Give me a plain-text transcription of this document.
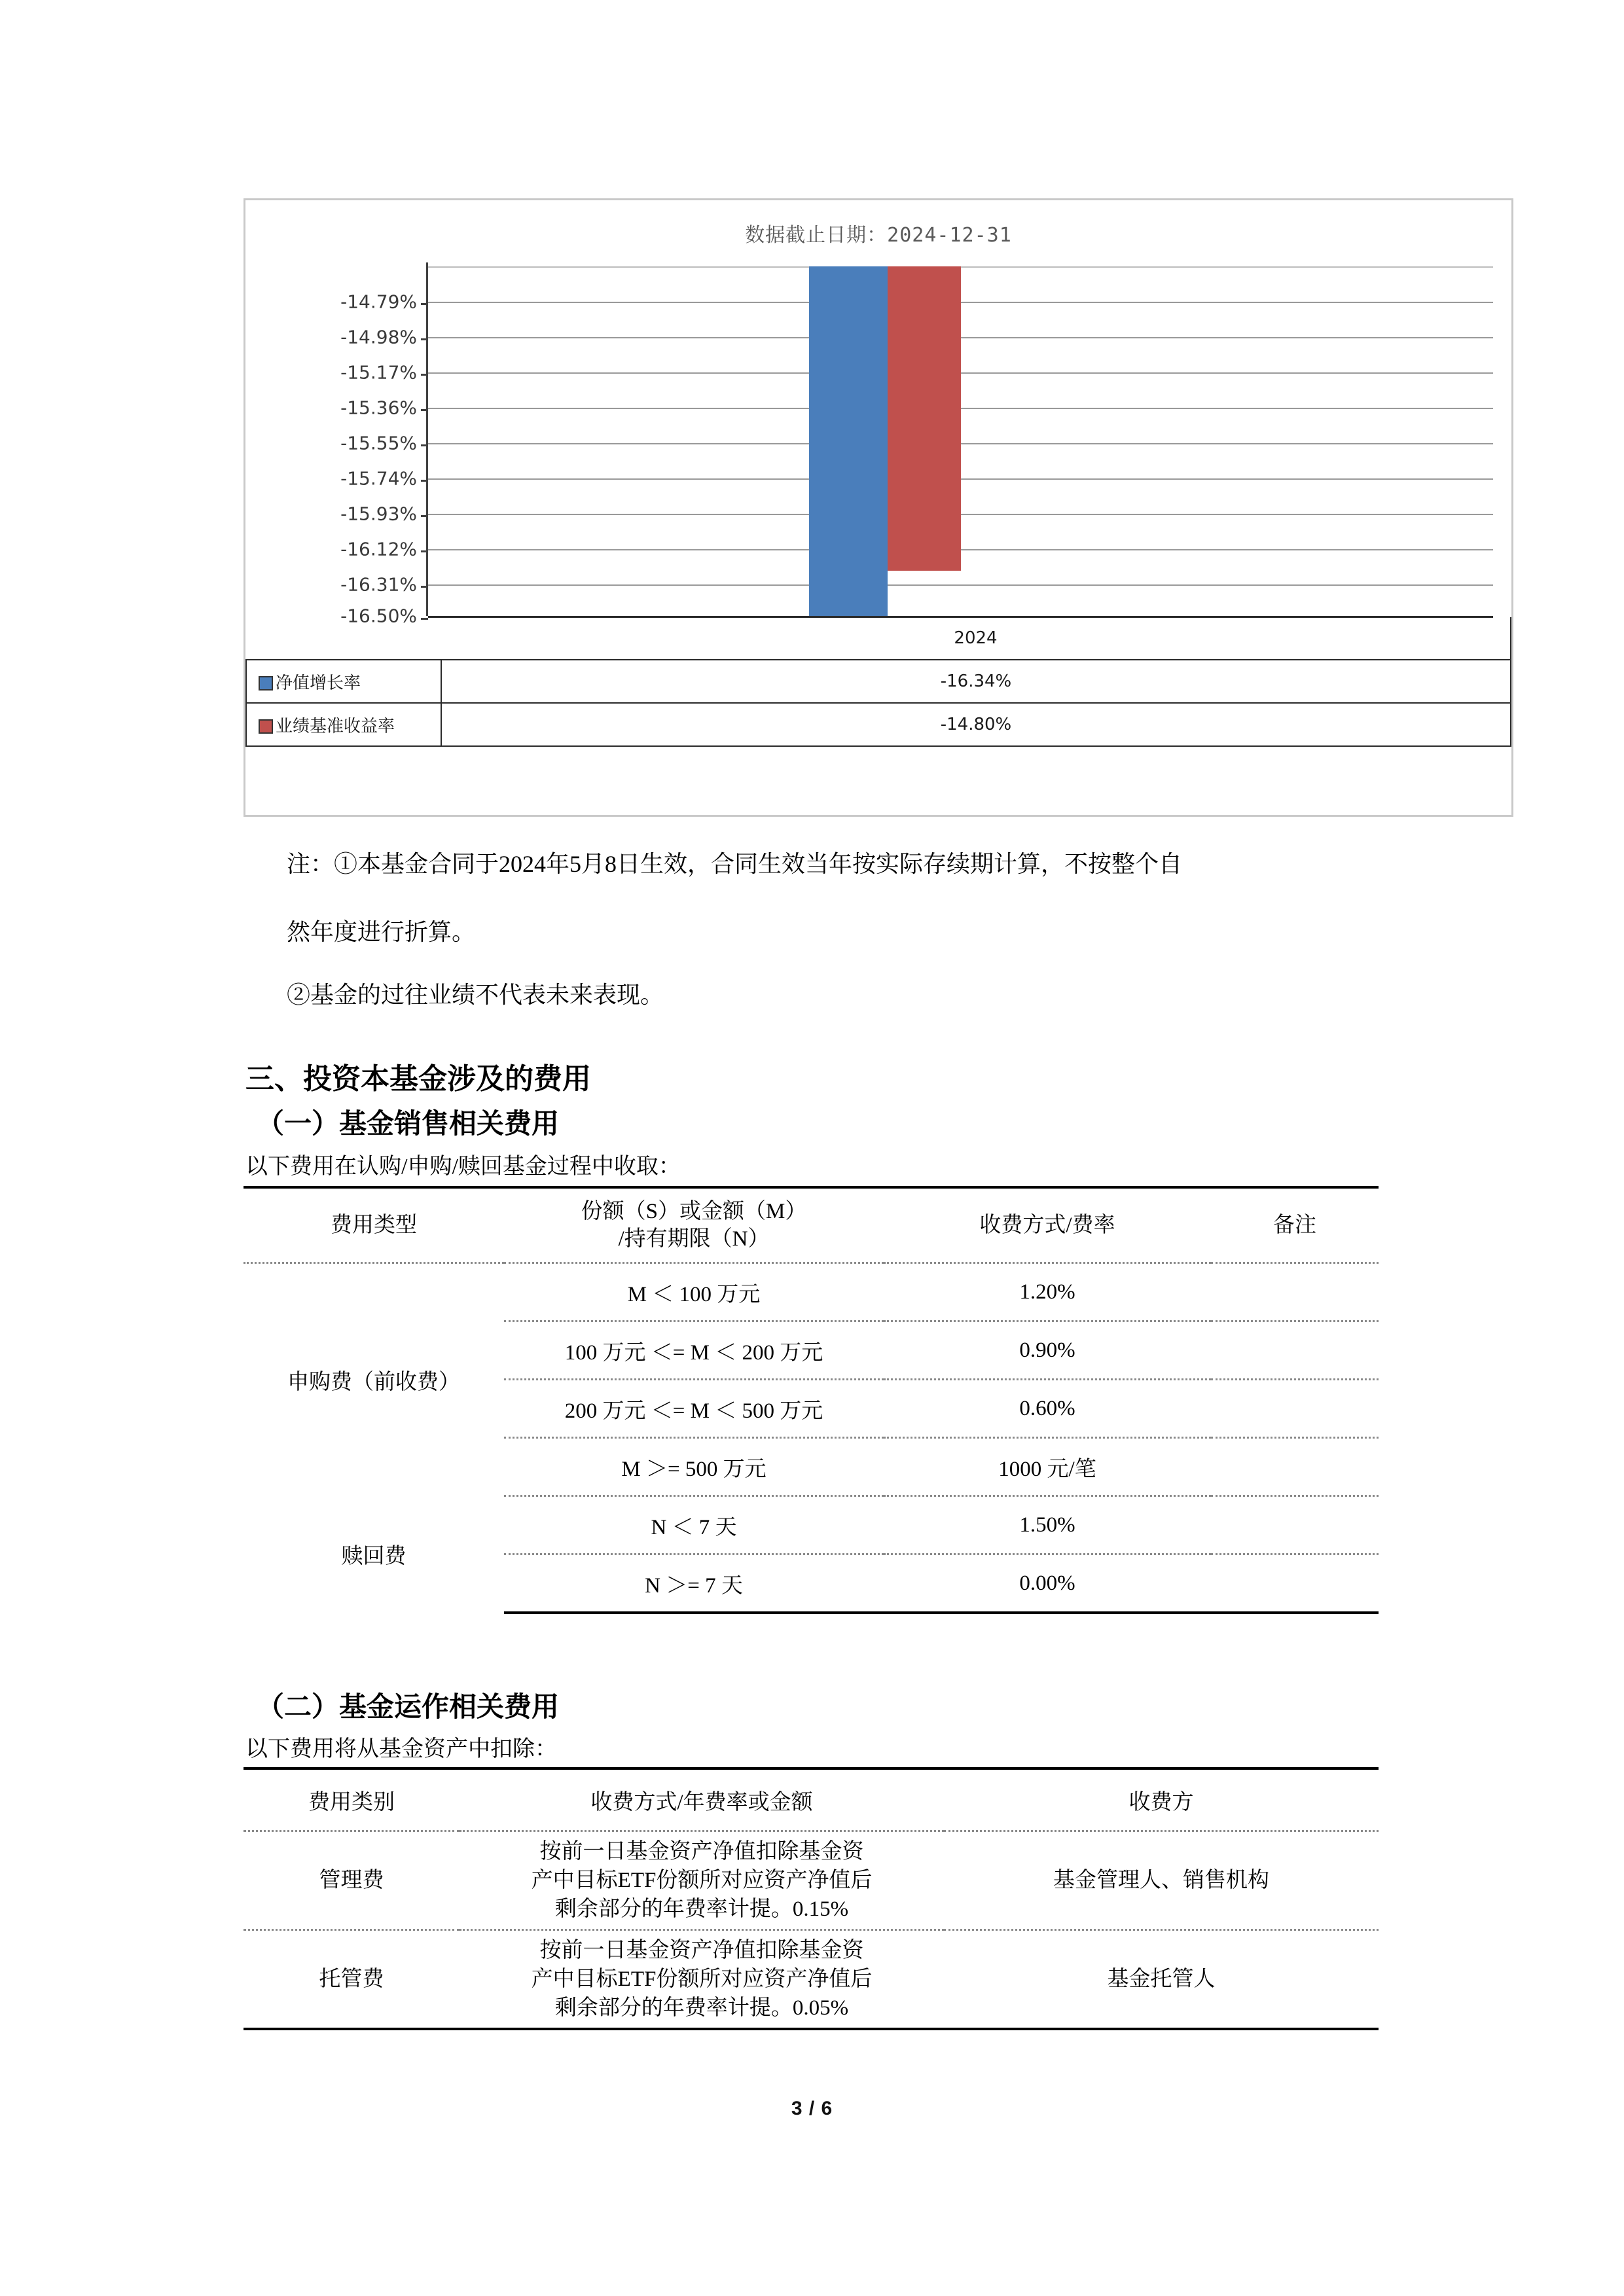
数据截止日期：2024-12-31
-14.79%
-14.98%
-15.17%
-15.36%
-15.55%
-15.74%
-15.93%
-16.12%
-16.31%
-16.50%
	2024
净值增长率	-16.34%
业绩基准收益率	-14.80%
注：①本基金合同于2024年5月8日生效，合同生效当年按实际存续期计算，不按整个自
然年度进行折算。
②基金的过往业绩不代表未来表现。
三、投资本基金涉及的费用
（一）基金销售相关费用
以下费用在认购/申购/赎回基金过程中收取：
费用类型	份额（S）或金额（M）
/持有期限（N）	收费方式/费率	备注
申购费（前收费）	M ＜ 100 万元	1.20%	
	100 万元 ＜= M ＜ 200 万元	0.90%	
	200 万元 ＜= M ＜ 500 万元	0.60%	
	M ＞= 500 万元	1000 元/笔	
赎回费	N ＜ 7 天	1.50%	
	N ＞= 7 天	0.00%	
（二）基金运作相关费用
以下费用将从基金资产中扣除：
费用类别	收费方式/年费率或金额	收费方
管理费	按前一日基金资产净值扣除基金资
产中目标ETF份额所对应资产净值后
剩余部分的年费率计提。0.15%	基金管理人、销售机构
托管费	按前一日基金资产净值扣除基金资
产中目标ETF份额所对应资产净值后
剩余部分的年费率计提。0.05%	基金托管人
3 / 6
